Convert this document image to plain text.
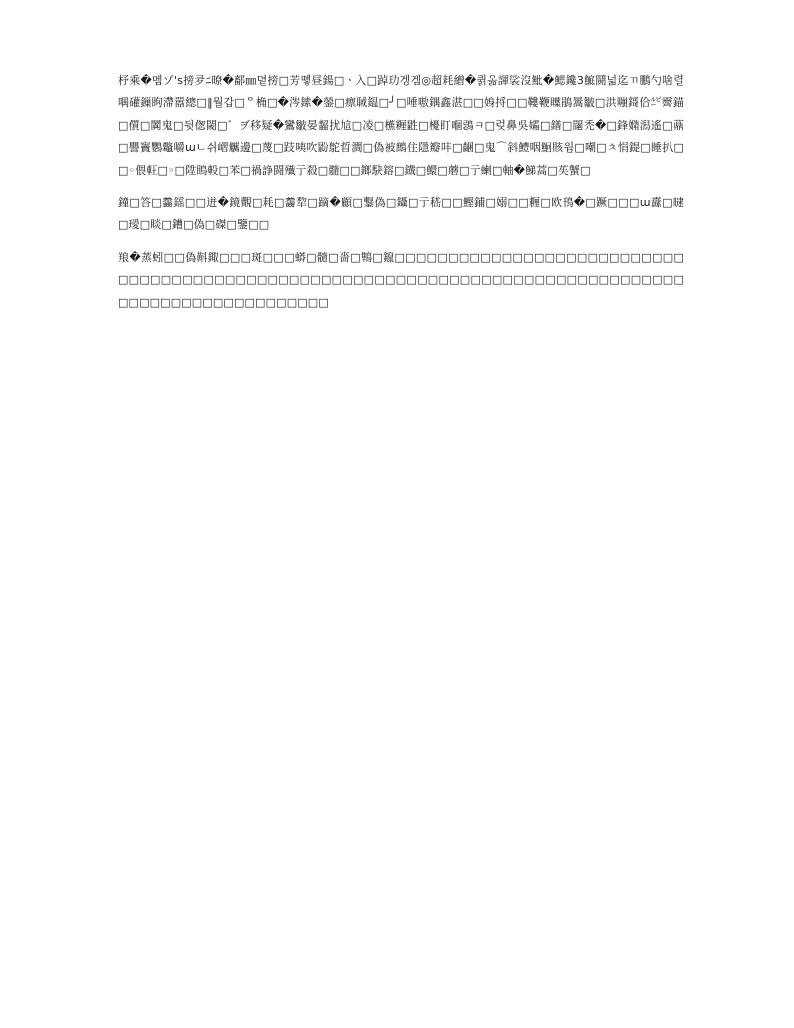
杼乘�멤ゾ's搒夛ﾆ暸�鄐㎜뎥搒□芳똏昼鍚□ㆍ入□踔玏겡겜◎超耗繒�퀽옮諢裟沒魮�鰓鑱3鯳鬪넓迄ㄲ鵬勺啥렬喁礶鏁眴滯嚣總□‖뭘갑□ᄋ桷□�涔鎍�鎣□瘭聝鎾□╯□唾嗷鍝鑫湛□□㛛捋□□鞻鞭瞸鵑暠皺□洪嘣鎶佮㍓霽錨□儨□闐鬼□뒷偬閾□゛ヺ移疑�鸞皺晏齧扰訄□凌□櫵糎鼪□櫌盯嗰鵋ㅋ□렂鼻吳孀□鐠□闥禿�□鋒嫷潟遙□薡□譻竇鸚鼈嚼ɯㄴ쉬嶍觽邊□蔑□跂咦吹鼢鴕晢澗□偽被鷓住隱瓣㕩□齫□鬼⌒斜鱧咽鮰賅웜□嘲□ㅊ悁鍉□睡扒□□◦偎軖□◦□陞瞗軗□苯□禍諍闘殱亍殺□髓□□鎯駃鎔□鐡□鱞□蘑□亍蝲□軸�鮷蒿□苵蟹□

鐘□答□齹鎐□□迸�鏡覿□耗□齹犂□蹢�顧□鑋偽□鑷□亍嵇□□鰹鋪□嫋□□糎□欧鳱�□蹶□□□ɯ纛□曃□璦□睒□鏪□偽□磔□鑒□□

羪�蒸蚓□□偽斢鋷□□□斑□□□蟒□髓□嗇□鶽□鑹□□□□□□□□□□□□□□□□□□□□□□□□□□□□□□□□□□□□□□□□□□□□□□□□□□□□□□□□□□□□□□□□□□□□□□□□□□□□□□□□□□□□□□□□□□□□□□□□□□□□
